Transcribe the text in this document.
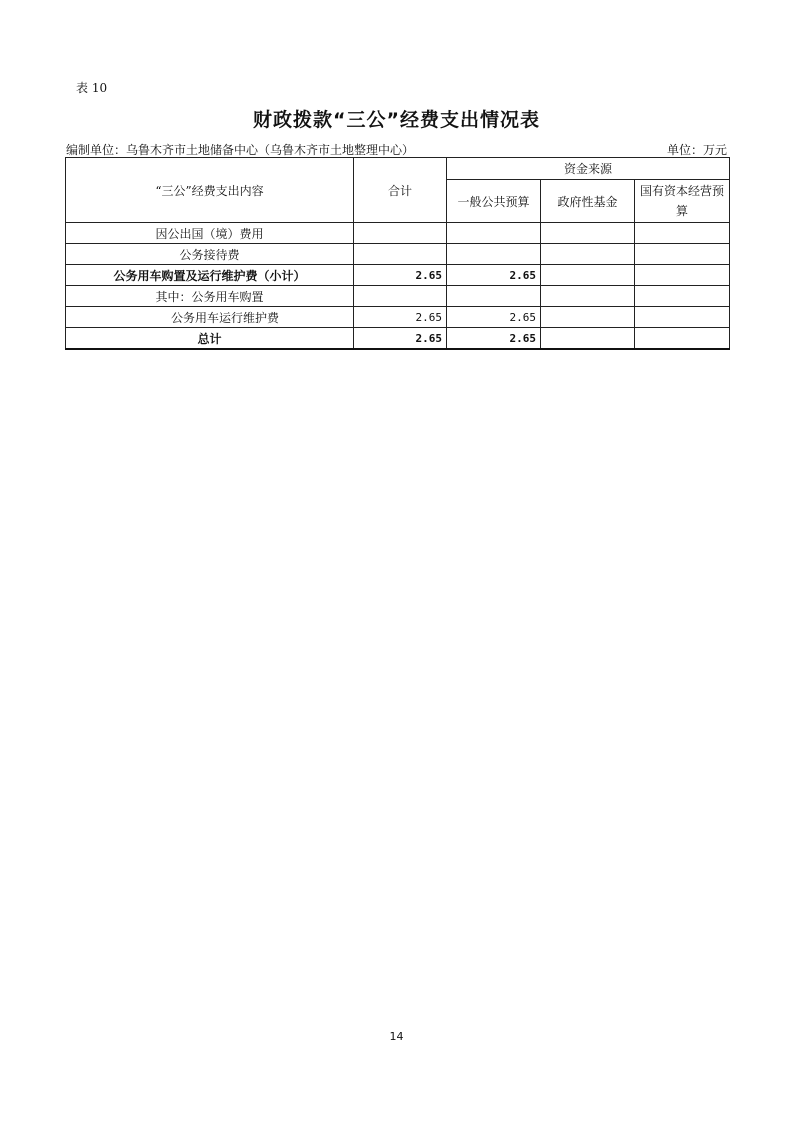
表 10
财政拨款“三公”经费支出情况表
编制单位：乌鲁木齐市土地储备中心（乌鲁木齐市土地整理中心）	单位：万元
“三公”经费支出内容	合计	资金来源		
		一般公共预算	政府性基金	国有资本经营预算
因公出国（境）费用				
公务接待费				
公务用车购置及运行维护费（小计）	2.65	2.65		
其中：公务用车购置				
公务用车运行维护费	2.65	2.65		
总计	2.65	2.65		
14
